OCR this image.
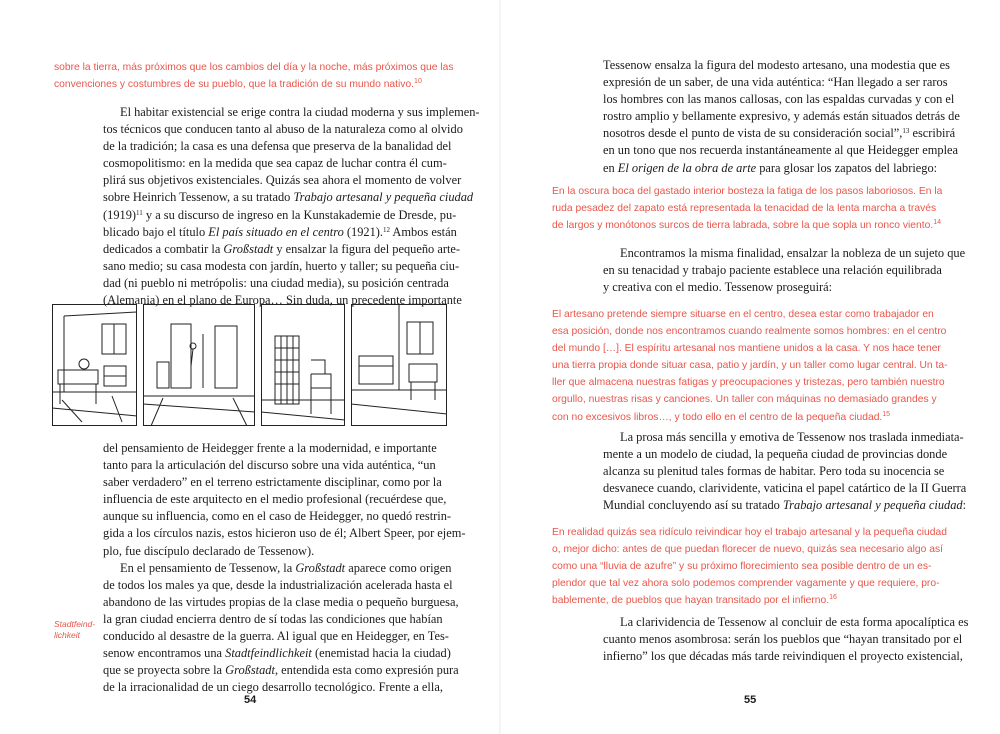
sobre la tierra, más próximos que los cambios del día y la noche, más próximos que las
convenciones y costumbres de su pueblo, que la tradición de su mundo nativo.$^{10}$

El habitar existencial se erige contra la ciudad moderna y sus implemen-
tos técnicos que conducen tanto al abuso de la naturaleza como al olvido
de la tradición; la casa es una defensa que preserva de la banalidad del
cosmopolitismo: en la medida que sea capaz de luchar contra él cum-
plirá sus objetivos existenciales. Quizás sea ahora el momento de volver
sobre Heinrich Tessenow, a su tratado Trabajo artesanal y pequeña ciudad
$(1919)^{11}$ y a su discurso de ingreso en la Kunstakademie de Dresde, pu-
blicado bajo el título El país situado en el centro (1921).$^{12}$ Ambos están
dedicados a combatir la Großstadt y ensalzar la figura del pequeño arte-
sano medio; su casa modesta con jardín, huerto y taller; su pequeña ciu-
dad (ni pueblo ni metrópolis: una ciudad media), su posición centrada
(Alemania) en el plano de Europa… Sin duda, un precedente importante

del pensamiento de Heidegger frente a la modernidad, e importante
tanto para la articulación del discurso sobre una vida auténtica, “un
saber verdadero” en el terreno estrictamente disciplinar, como por la
influencia de este arquitecto en el medio profesional (recuérdese que,
aunque su influencia, como en el caso de Heidegger, no quedó restrin-
gida a los círculos nazis, estos hicieron uso de él; Albert Speer, por ejem-
plo, fue discípulo declarado de Tessenow).
En el pensamiento de Tessenow, la Großstadt aparece como origen
de todos los males ya que, desde la industrialización acelerada hasta el
abandono de las virtudes propias de la clase media o pequeño burguesa,
la gran ciudad encierra dentro de sí todas las condiciones que habían
conducido al desastre de la guerra. Al igual que en Heidegger, en Tes-
senow encontramos una Stadtfeindlichkeit (enemistad hacia la ciudad)
que se proyecta sobre la Großstadt, entendida esta como expresión pura
de la irracionalidad de un ciego desarrollo tecnológico. Frente a ella,

Stadtfeind-
lichkeit
54

Tessenow ensalza la figura del modesto artesano, una modestia que es
expresión de un saber, de una vida auténtica: “Han llegado a ser raros
los hombres con las manos callosas, con las espaldas curvadas y con el
rostro amplio y bellamente expresivo, y además están situados detrás de
nosotros desde el punto de vista de su consideración social”,$^{13}$ escribirá
en un tono que nos recuerda instantáneamente al que Heidegger emplea
en El origen de la obra de arte para glosar los zapatos del labriego:

En la oscura boca del gastado interior bosteza la fatiga de los pasos laboriosos. En la
ruda pesadez del zapato está representada la tenacidad de la lenta marcha a través
de largos y monótonos surcos de tierra labrada, sobre la que sopla un ronco viento.$^{14}$

Encontramos la misma finalidad, ensalzar la nobleza de un sujeto que
en su tenacidad y trabajo paciente establece una relación equilibrada
y creativa con el medio. Tessenow proseguirá:

El artesano pretende siempre situarse en el centro, desea estar como trabajador en
esa posición, donde nos encontramos cuando realmente somos hombres: en el centro
del mundo […]. El espíritu artesanal nos mantiene unidos a la casa. Y nos hace tener
una tierra propia donde situar casa, patio y jardín, y un taller como lugar central. Un ta-
ller que almacena nuestras fatigas y preocupaciones y tristezas, pero también nuestro
orgullo, nuestras risas y canciones. Un taller con máquinas no demasiado grandes y
con no excesivos libros…, y todo ello en el centro de la pequeña ciudad.$^{15}$

La prosa más sencilla y emotiva de Tessenow nos traslada inmediata-
mente a un modelo de ciudad, la pequeña ciudad de provincias donde
alcanza su plenitud tales formas de habitar. Pero toda su inocencia se
desvanece cuando, clarividente, vaticina el papel catártico de la II Guerra
Mundial concluyendo así su tratado Trabajo artesanal y pequeña ciudad:

En realidad quizás sea ridículo reivindicar hoy el trabajo artesanal y la pequeña ciudad
o, mejor dicho: antes de que puedan florecer de nuevo, quizás sea necesario algo así
como una “lluvia de azufre” y su próximo florecimiento sea posible dentro de un es-
plendor que tal vez ahora solo podemos comprender vagamente y que requiere, pro-
bablemente, de pueblos que hayan transitado por el infierno.$^{16}$

La clarividencia de Tessenow al concluir de esta forma apocalíptica es
cuanto menos asombrosa: serán los pueblos que “hayan transitado por el
infierno” los que décadas más tarde reivindiquen el proyecto existencial,

55
